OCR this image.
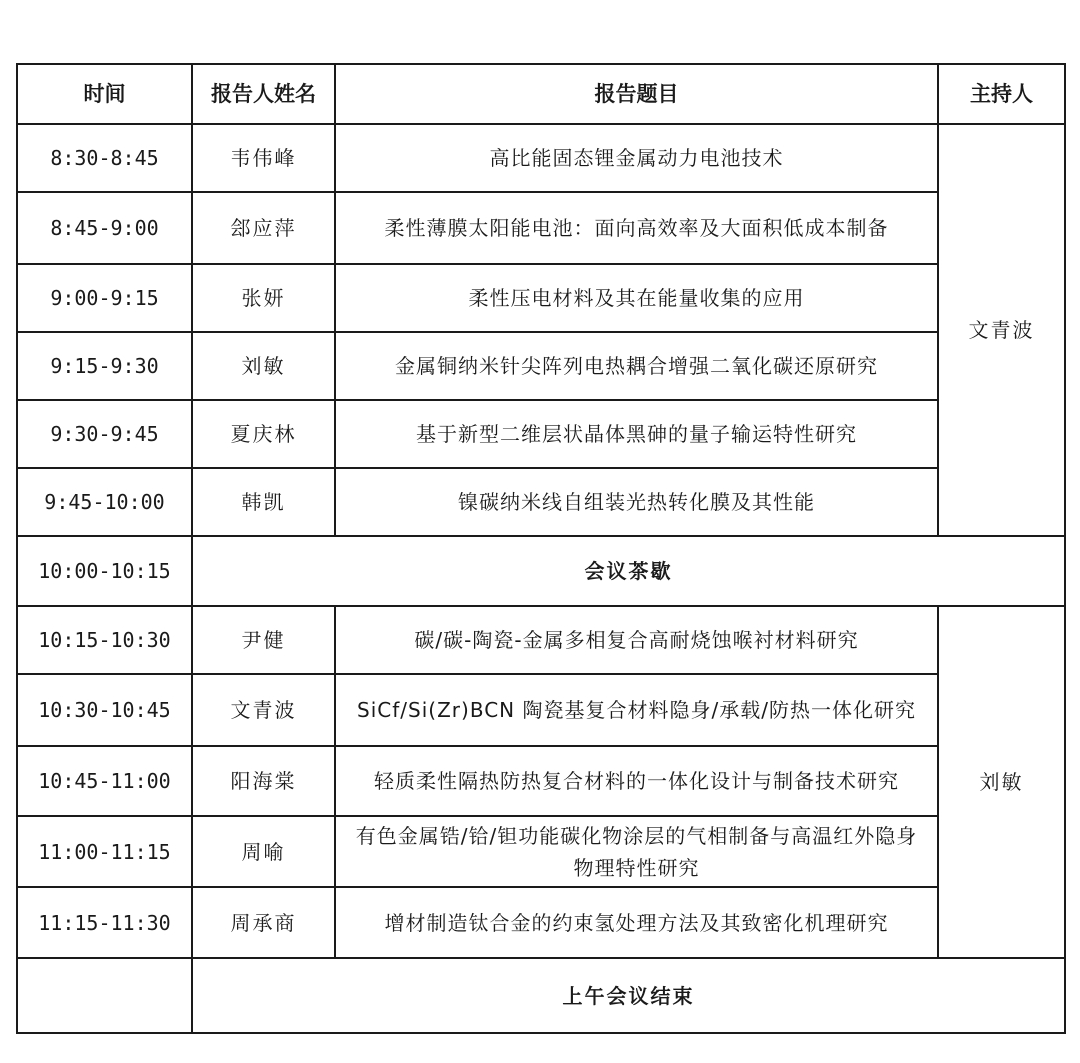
时间	报告人姓名	报告题目	主持人
8:30-8:45	韦伟峰	高比能固态锂金属动力电池技术	文青波
8:45-9:00	郐应萍	柔性薄膜太阳能电池：面向高效率及大面积低成本制备	
9:00-9:15	张妍	柔性压电材料及其在能量收集的应用	
9:15-9:30	刘敏	金属铜纳米针尖阵列电热耦合增强二氧化碳还原研究	
9:30-9:45	夏庆林	基于新型二维层状晶体黑砷的量子输运特性研究	
9:45-10:00	韩凯	镍碳纳米线自组装光热转化膜及其性能	
10:00-10:15	会议茶歇		
10:15-10:30	尹健	碳/碳-陶瓷-金属多相复合高耐烧蚀喉衬材料研究	刘敏
10:30-10:45	文青波	SiCf/Si(Zr)BCN 陶瓷基复合材料隐身/承载/防热一体化研究	
10:45-11:00	阳海棠	轻质柔性隔热防热复合材料的一体化设计与制备技术研究	
11:00-11:15	周喻	有色金属锆/铪/钽功能碳化物涂层的气相制备与高温红外隐身物理特性研究	
11:15-11:30	周承商	增材制造钛合金的约束氢处理方法及其致密化机理研究	
	上午会议结束		
